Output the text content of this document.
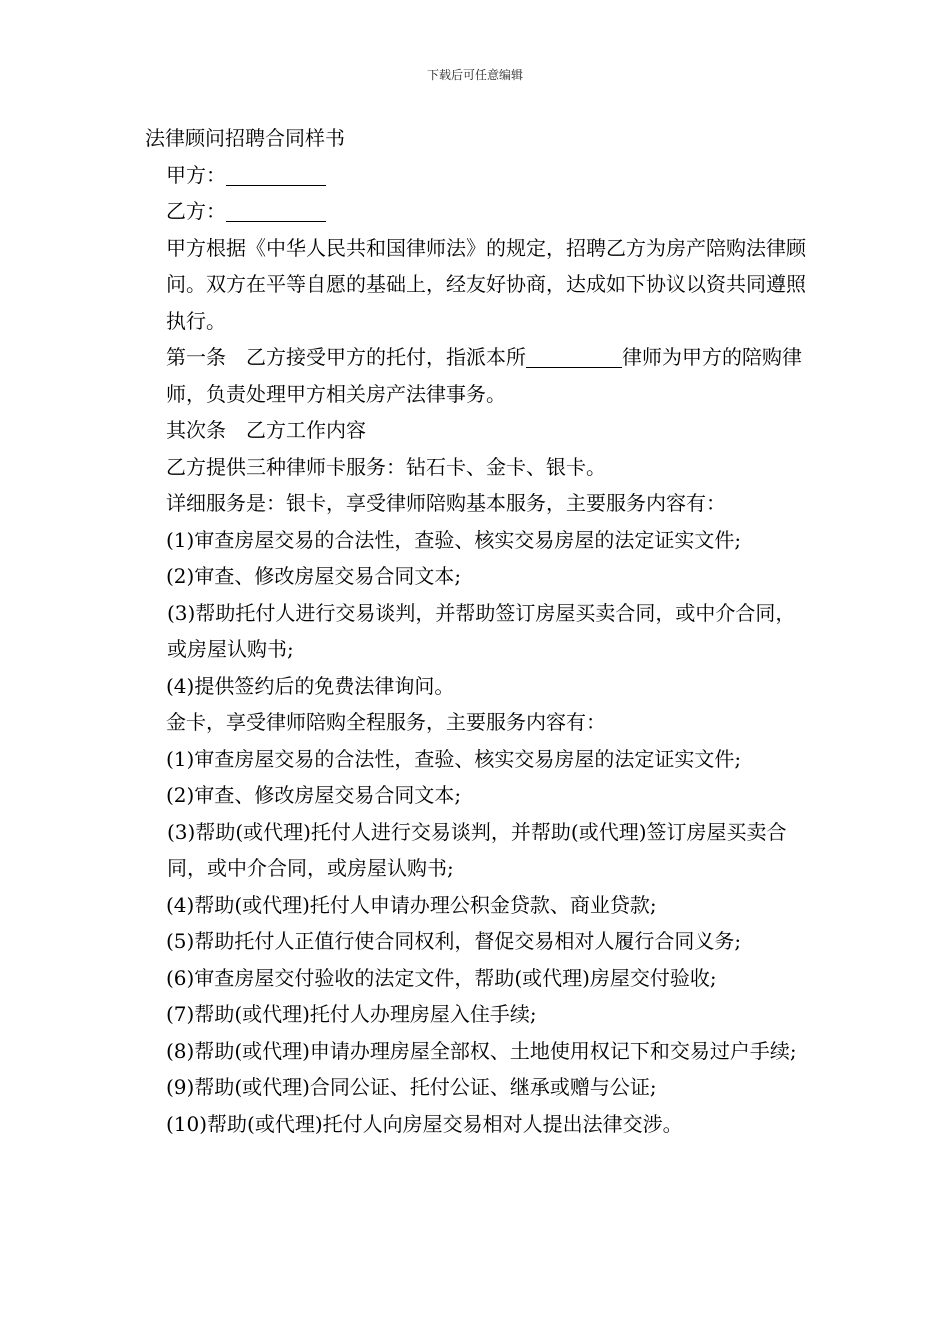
下载后可任意编辑

法律顾问招聘合同样书

甲方：

乙方：

甲方根据《中华人民共和国律师法》的规定，招聘乙方为房产陪购法律顾问。双方在平等自愿的基础上，经友好协商，达成如下协议以资共同遵照执行。

第一条　乙方接受甲方的托付，指派本所	律师为甲方的陪购律师，负责处理甲方相关房产法律事务。

其次条　乙方工作内容

乙方提供三种律师卡服务：钻石卡、金卡、银卡。

详细服务是：银卡，享受律师陪购基本服务，主要服务内容有：

(1)审查房屋交易的合法性，查验、核实交易房屋的法定证实文件;

(2)审查、修改房屋交易合同文本;

(3)帮助托付人进行交易谈判，并帮助签订房屋买卖合同，或中介合同，或房屋认购书;

(4)提供签约后的免费法律询问。

金卡，享受律师陪购全程服务，主要服务内容有：

(1)审查房屋交易的合法性，查验、核实交易房屋的法定证实文件;

(2)审查、修改房屋交易合同文本;

(3)帮助(或代理)托付人进行交易谈判，并帮助(或代理)签订房屋买卖合同，或中介合同，或房屋认购书;

(4)帮助(或代理)托付人申请办理公积金贷款、商业贷款;

(5)帮助托付人正值行使合同权利，督促交易相对人履行合同义务;

(6)审查房屋交付验收的法定文件，帮助(或代理)房屋交付验收;

(7)帮助(或代理)托付人办理房屋入住手续;

(8)帮助(或代理)申请办理房屋全部权、土地使用权记下和交易过户手续;

(9)帮助(或代理)合同公证、托付公证、继承或赠与公证;

(10)帮助(或代理)托付人向房屋交易相对人提出法律交涉。
